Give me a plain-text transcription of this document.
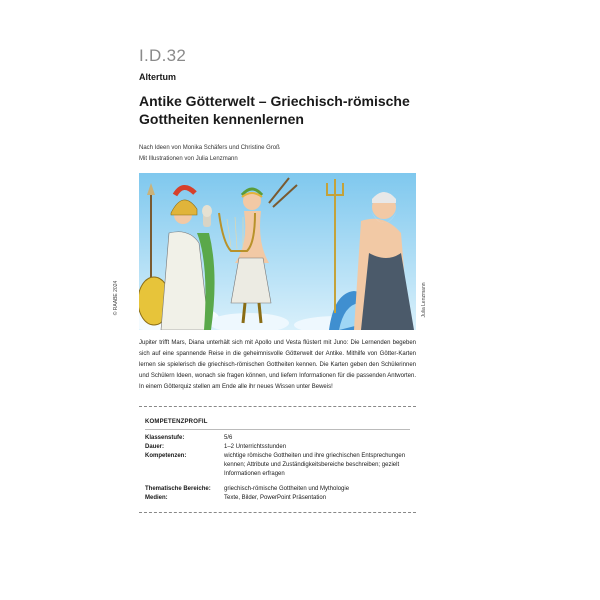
I.D.32
Altertum
Antike Götterwelt – Griechisch-römische Gottheiten kennenlernen
Nach Ideen von Monika Schäfers und Christine Groß
Mit Illustrationen von Julia Lenzmann
© RAABE 2024	Julia Lenzmann
Jupiter trifft Mars, Diana unterhält sich mit Apollo und Vesta flüstert mit Juno: Die Lernenden begeben sich auf eine spannende Reise in die geheimnisvolle Götterwelt der Antike. Mithilfe von Götter-Karten lernen sie spielerisch die griechisch-römischen Gottheiten kennen. Die Karten geben den Schülerinnen und Schülern Ideen, wonach sie fragen können, und liefern Informationen für die passenden Antworten. In einem Götterquiz stellen am Ende alle ihr neues Wissen unter Beweis!
KOMPETENZPROFIL
Klassenstufe:	5/6
Dauer:	1–2 Unterrichtsstunden
Kompetenzen:	wichtige römische Gottheiten und ihre griechischen Entsprechungen kennen; Attribute und Zuständigkeitsbereiche beschreiben; gezielt Informationen erfragen
Thematische Bereiche:	griechisch-römische Gottheiten und Mythologie
Medien:	Texte, Bilder, PowerPoint Präsentation
